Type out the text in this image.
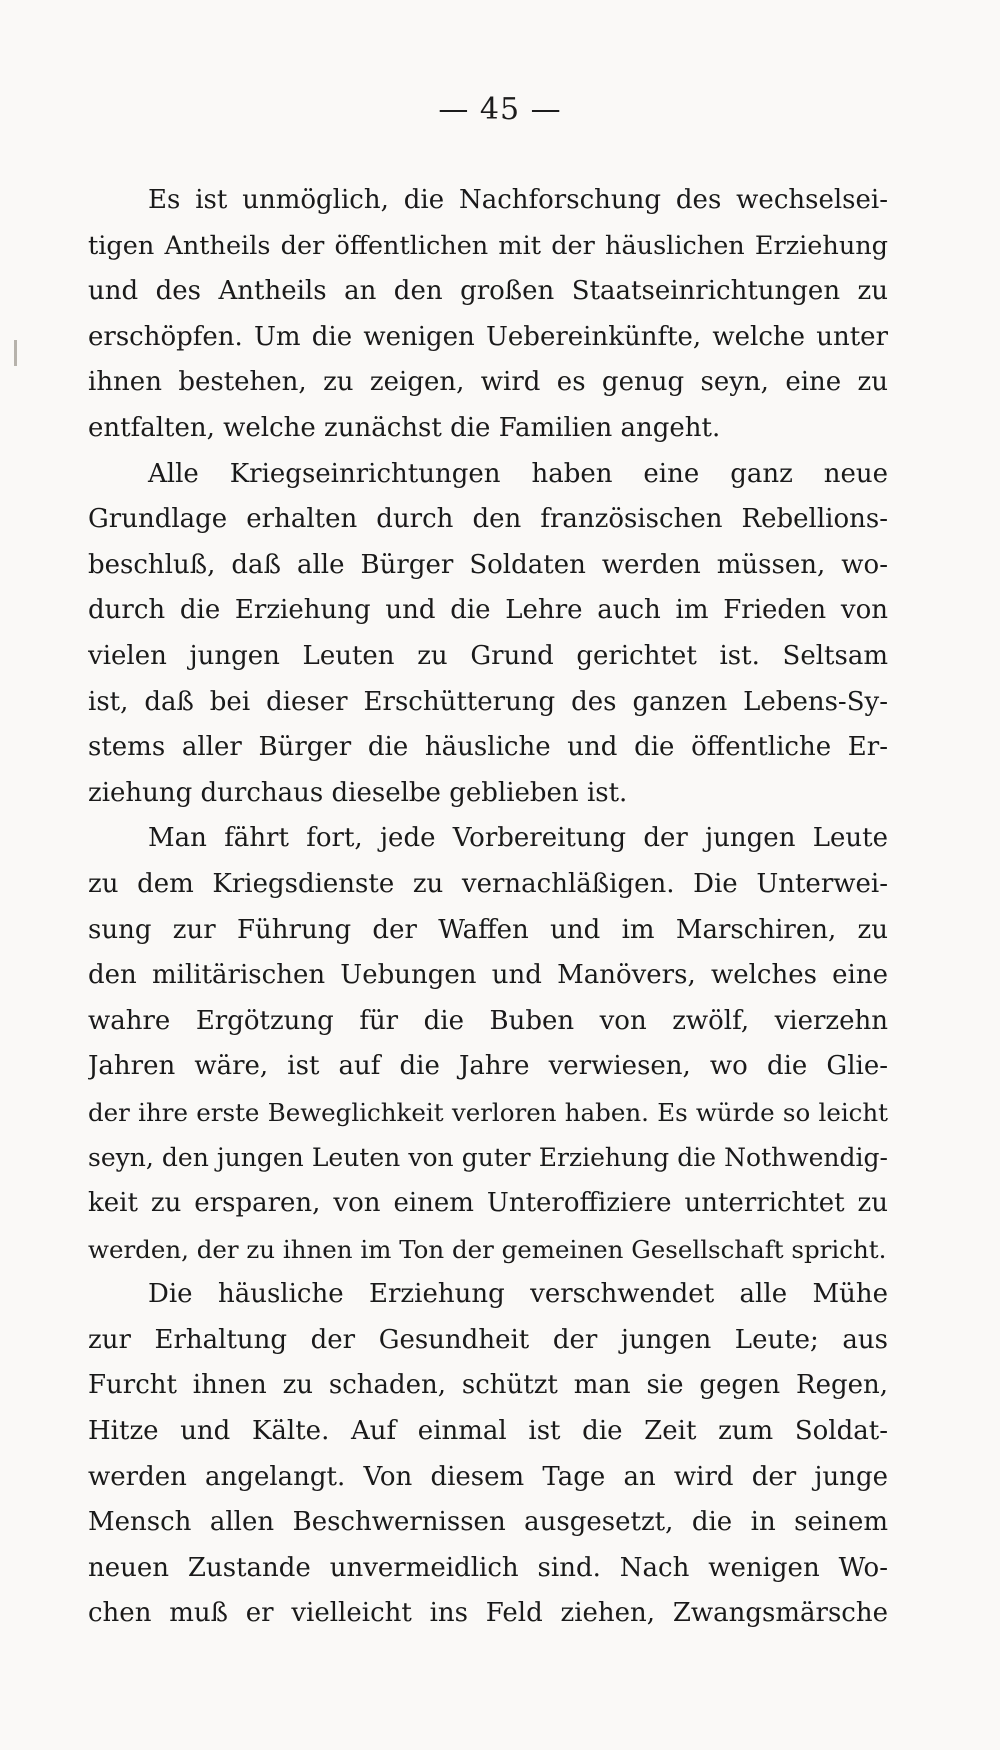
⠀
— 45 —
Es ist unmöglich, die Nachforschung des wechselsei-
tigen Antheils der öffentlichen mit der häuslichen Erziehung
und des Antheils an den großen Staatseinrichtungen zu
erschöpfen. Um die wenigen Uebereinkünfte, welche unter
ihnen bestehen, zu zeigen, wird es genug seyn, eine zu
entfalten, welche zunächst die Familien angeht.
Alle Kriegseinrichtungen haben eine ganz neue
Grundlage erhalten durch den französischen Rebellions-
beschluß, daß alle Bürger Soldaten werden müssen, wo-
durch die Erziehung und die Lehre auch im Frieden von
vielen jungen Leuten zu Grund gerichtet ist. Seltsam
ist, daß bei dieser Erschütterung des ganzen Lebens-Sy-
stems aller Bürger die häusliche und die öffentliche Er-
ziehung durchaus dieselbe geblieben ist.
Man fährt fort, jede Vorbereitung der jungen Leute
zu dem Kriegsdienste zu vernachläßigen. Die Unterwei-
sung zur Führung der Waffen und im Marschiren, zu
den militärischen Uebungen und Manövers, welches eine
wahre Ergötzung für die Buben von zwölf, vierzehn
Jahren wäre, ist auf die Jahre verwiesen, wo die Glie-
der ihre erste Beweglichkeit verloren haben. Es würde so leicht
seyn, den jungen Leuten von guter Erziehung die Nothwendig-
keit zu ersparen, von einem Unteroffiziere unterrichtet zu
werden, der zu ihnen im Ton der gemeinen Gesellschaft spricht.
Die häusliche Erziehung verschwendet alle Mühe
zur Erhaltung der Gesundheit der jungen Leute; aus
Furcht ihnen zu schaden, schützt man sie gegen Regen,
Hitze und Kälte. Auf einmal ist die Zeit zum Soldat-
werden angelangt. Von diesem Tage an wird der junge
Mensch allen Beschwernissen ausgesetzt, die in seinem
neuen Zustande unvermeidlich sind. Nach wenigen Wo-
chen muß er vielleicht ins Feld ziehen, Zwangsmärsche
